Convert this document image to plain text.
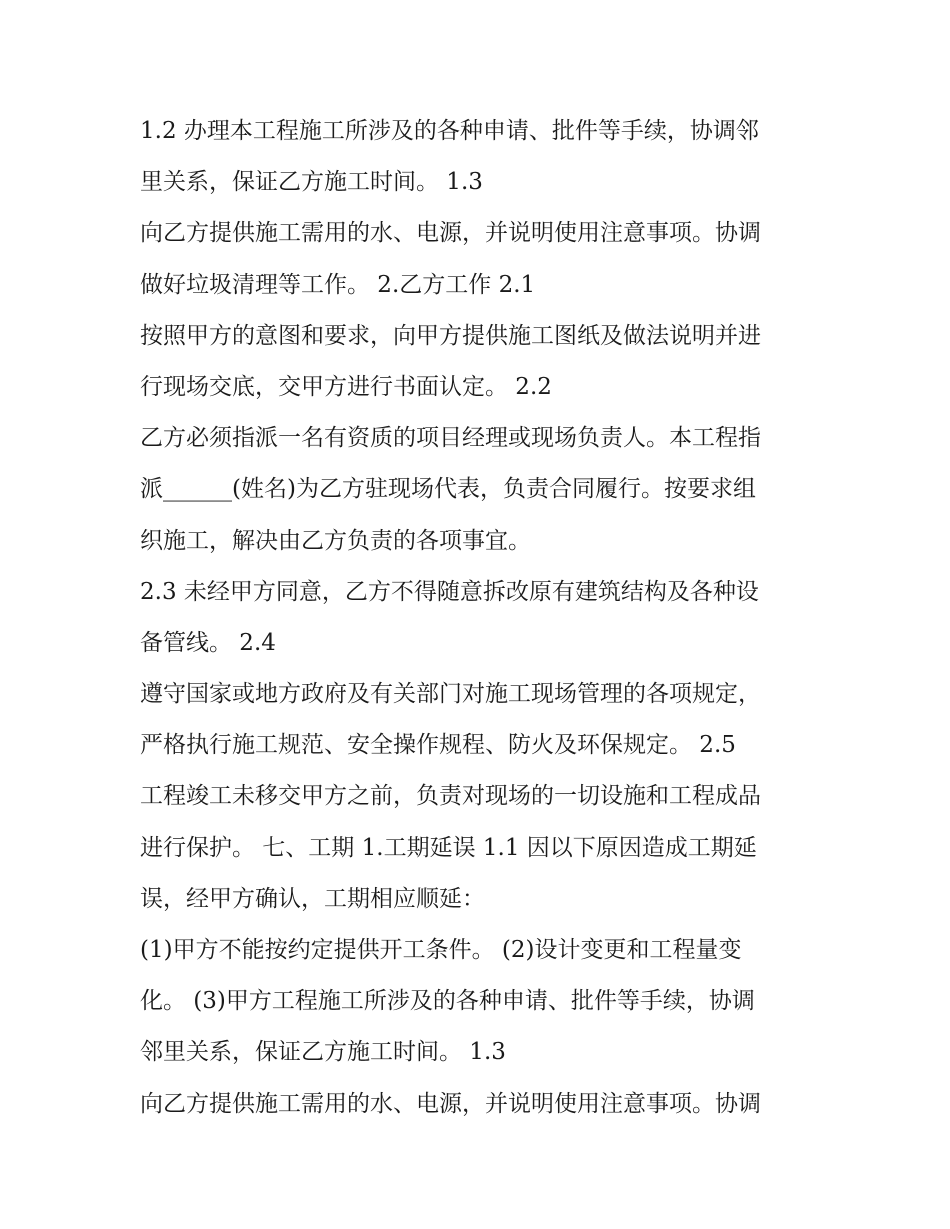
1.2 办理本工程施工所涉及的各种申请、批件等手续，协调邻
里关系，保证乙方施工时间。 1.3
向乙方提供施工需用的水、电源，并说明使用注意事项。协调
做好垃圾清理等工作。 2.乙方工作 2.1
按照甲方的意图和要求，向甲方提供施工图纸及做法说明并进
行现场交底，交甲方进行书面认定。 2.2
乙方必须指派一名有资质的项目经理或现场负责人。本工程指
派______(姓名)为乙方驻现场代表，负责合同履行。按要求组
织施工，解决由乙方负责的各项事宜。
2.3 未经甲方同意，乙方不得随意拆改原有建筑结构及各种设
备管线。 2.4
遵守国家或地方政府及有关部门对施工现场管理的各项规定，
严格执行施工规范、安全操作规程、防火及环保规定。 2.5
工程竣工未移交甲方之前，负责对现场的一切设施和工程成品
进行保护。 七、工期 1.工期延误 1.1 因以下原因造成工期延
误，经甲方确认，工期相应顺延：
(1)甲方不能按约定提供开工条件。 (2)设计变更和工程量变
化。 (3)甲方工程施工所涉及的各种申请、批件等手续，协调
邻里关系，保证乙方施工时间。 1.3
向乙方提供施工需用的水、电源，并说明使用注意事项。协调
